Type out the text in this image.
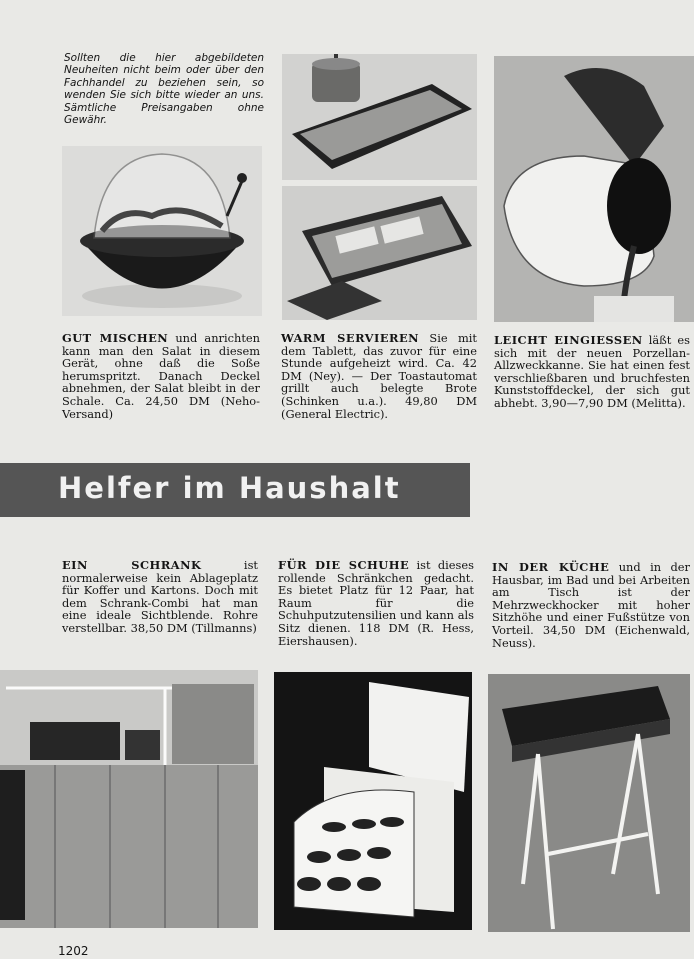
Sollten die hier abgebildeten Neuheiten nicht beim oder über den Fachhandel zu beziehen sein, so wenden Sie sich bitte wieder an uns. Sämtliche Preisangaben ohne Gewähr.
GUT MISCHEN und anrichten kann man den Salat in diesem Gerät, ohne daß die Soße herumspritzt. Danach Deckel abnehmen, der Salat bleibt in der Schale. Ca. 24,50 DM (Neho-Versand)
WARM SERVIEREN Sie mit dem Tablett, das zuvor für eine Stunde aufgeheizt wird. Ca. 42 DM (Ney). — Der Toastautomat grillt auch belegte Brote (Schinken u.a.). 49,80 DM (General Electric).
LEICHT EINGIESSEN läßt es sich mit der neuen Porzellan-Allzweckkanne. Sie hat einen fest verschließbaren und bruchfesten Kunststoffdeckel, der sich gut abhebt. 3,90—7,90 DM (Melitta).
Helfer im Haushalt
EIN SCHRANK ist normalerweise kein Ablageplatz für Koffer und Kartons. Doch mit dem Schrank-Combi hat man eine ideale Sichtblende. Rohre verstellbar. 38,50 DM (Tillmanns)
FÜR DIE SCHUHE ist dieses rollende Schränkchen gedacht. Es bietet Platz für 12 Paar, hat Raum für die Schuhputzutensilien und kann als Sitz dienen. 118 DM (R. Hess, Eiershausen).
IN DER KÜCHE und in der Hausbar, im Bad und bei Arbeiten am Tisch ist der Mehrzweckhocker mit hoher Sitzhöhe und einer Fußstütze von Vorteil. 34,50 DM (Eichenwald, Neuss).
1202
